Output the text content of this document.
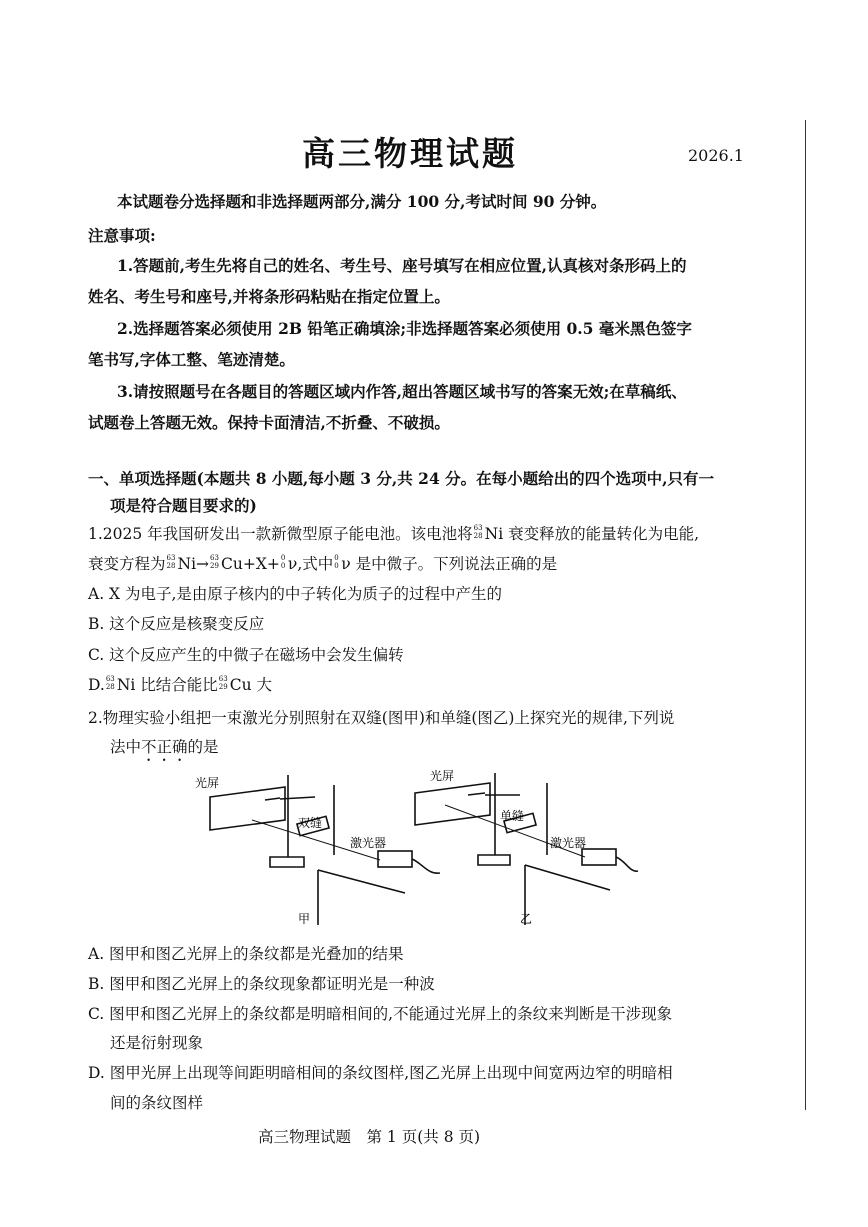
高三物理试题	2026.1
本试题卷分选择题和非选择题两部分,满分 100 分,考试时间 90 分钟。
注意事项:
1.答题前,考生先将自己的姓名、考生号、座号填写在相应位置,认真核对条形码上的
姓名、考生号和座号,并将条形码粘贴在指定位置上。
2.选择题答案必须使用 2B 铅笔正确填涂;非选择题答案必须使用 0.5 毫米黑色签字
笔书写,字体工整、笔迹清楚。
3.请按照题号在各题目的答题区域内作答,超出答题区域书写的答案无效;在草稿纸、
试题卷上答题无效。保持卡面清洁,不折叠、不破损。
一、单项选择题(本题共 8 小题,每小题 3 分,共 24 分。在每小题给出的四个选项中,只有一
项是符合题目要求的)
1.2025 年我国研发出一款新微型原子能电池。该电池将 63
28 Ni 衰变释放的能量转化为电能,
衰变方程为 63
28 Ni→ 63
29 Cu+X+ 0
0 ν,式中 0
0 ν 是中微子。下列说法正确的是
A. X 为电子,是由原子核内的中子转化为质子的过程中产生的
B. 这个反应是核聚变反应
C. 这个反应产生的中微子在磁场中会发生偏转
D. 63
28 Ni 比结合能比 63
29 Cu 大
2.物理实验小组把一束激光分别照射在双缝(图甲)和单缝(图乙)上探究光的规律,下列说
法中不正确的是
光屏
双缝
激光器
甲
光屏
单缝
激光器
乙
A. 图甲和图乙光屏上的条纹都是光叠加的结果
B. 图甲和图乙光屏上的条纹现象都证明光是一种波
C. 图甲和图乙光屏上的条纹都是明暗相间的,不能通过光屏上的条纹来判断是干涉现象
还是衍射现象
D. 图甲光屏上出现等间距明暗相间的条纹图样,图乙光屏上出现中间宽两边窄的明暗相
间的条纹图样
高三物理试题　第 1 页(共 8 页)
